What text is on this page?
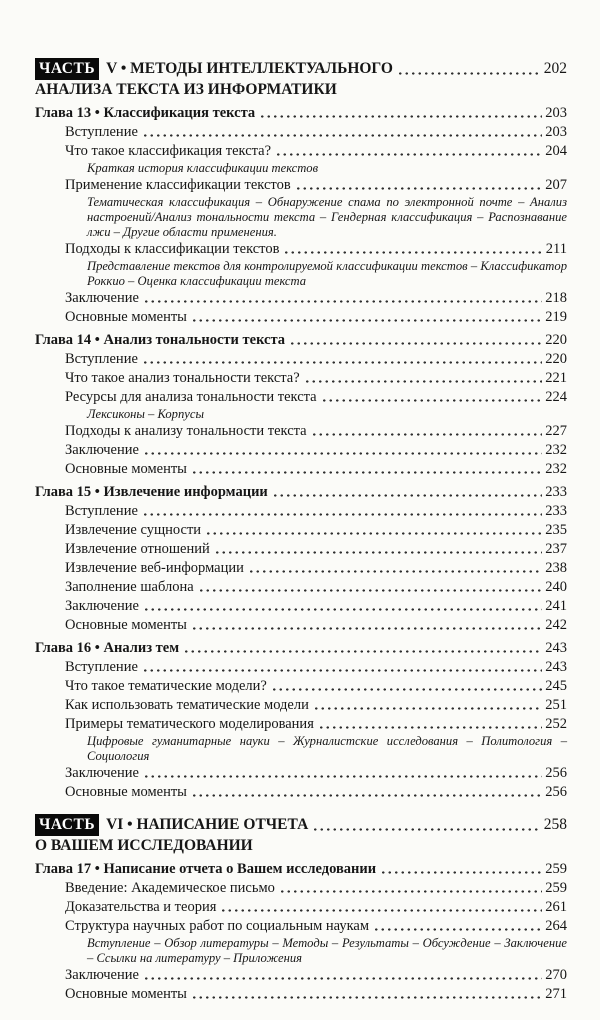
ЧАСТЬ V • МЕТОДЫ ИНТЕЛЛЕКТУАЛЬНОГО	202
АНАЛИЗА ТЕКСТА ИЗ ИНФОРМАТИКИ
Глава 13 • Классификация текста	203
Вступление	203
Что такое классификация текста?	204
Краткая история классификации текстов
Применение классификации текстов	207
Тематическая классификация – Обнаружение спама по электронной почте – Анализ настроений/Анализ тональности текста – Гендерная классификация – Распознавание лжи – Другие области применения.
Подходы к классификации текстов	211
Представление текстов для контролируемой классификации текстов – Классификатор Роккио – Оценка классификации текста
Заключение	218
Основные моменты	219
Глава 14 • Анализ тональности текста	220
Вступление	220
Что такое анализ тональности текста?	221
Ресурсы для анализа тональности текста	224
Лексиконы – Корпусы
Подходы к анализу тональности текста	227
Заключение	232
Основные моменты	232
Глава 15 • Извлечение информации	233
Вступление	233
Извлечение сущности	235
Извлечение отношений	237
Извлечение веб-информации	238
Заполнение шаблона	240
Заключение	241
Основные моменты	242
Глава 16 • Анализ тем	243
Вступление	243
Что такое тематические модели?	245
Как использовать тематические модели	251
Примеры тематического моделирования	252
Цифровые гуманитарные науки – Журналистские исследования – Политология – Социология
Заключение	256
Основные моменты	256
ЧАСТЬ VI • НАПИСАНИЕ ОТЧЕТА	258
О ВАШЕМ ИССЛЕДОВАНИИ
Глава 17 • Написание отчета о Вашем исследовании	259
Введение: Академическое письмо	259
Доказательства и теория	261
Структура научных работ по социальным наукам	264
Вступление – Обзор литературы – Методы – Результаты – Обсуждение – Заключение – Ссылки на литературу – Приложения
Заключение	270
Основные моменты	271
